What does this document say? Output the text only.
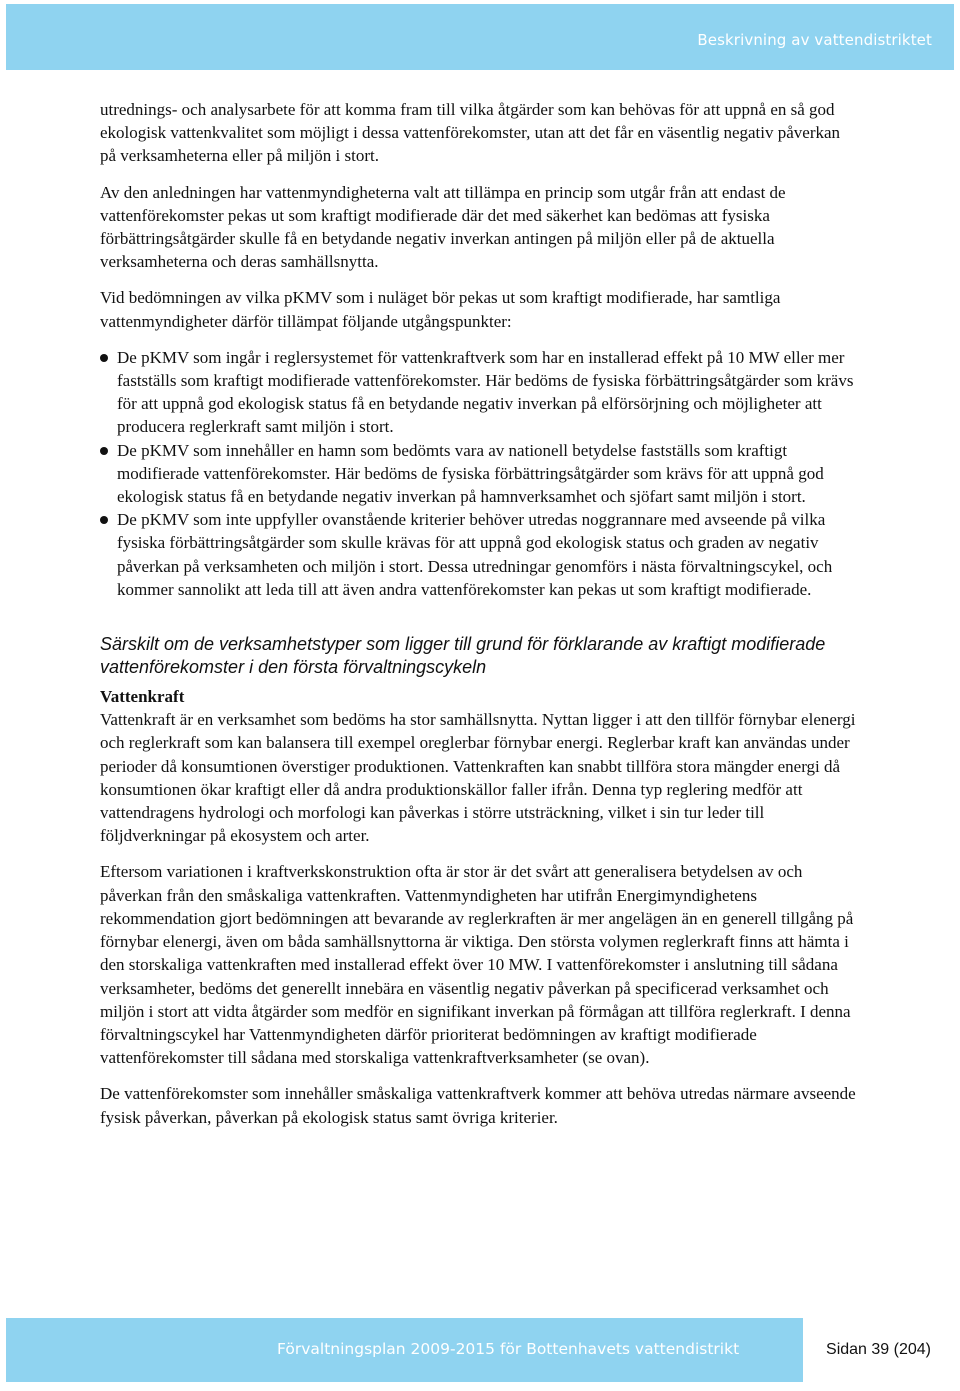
Beskrivning av vattendistriktet

utrednings- och analysarbete för att komma fram till vilka åtgärder som kan behövas för att uppnå en så god ekologisk vattenkvalitet som möjligt i dessa vattenförekomster, utan att det får en väsentlig negativ påverkan på verksamheterna eller på miljön i stort.

Av den anledningen har vattenmyndigheterna valt att tillämpa en princip som utgår från att endast de vattenförekomster pekas ut som kraftigt modifierade där det med säkerhet kan bedömas att fysiska förbättringsåtgärder skulle få en betydande negativ inverkan antingen på miljön eller på de aktuella verksamheterna och deras samhällsnytta.

Vid bedömningen av vilka pKMV som i nuläget bör pekas ut som kraftigt modifierade, har samtliga vattenmyndigheter därför tillämpat följande utgångspunkter:

De pKMV som ingår i reglersystemet för vattenkraftverk som har en installerad effekt på 10 MW eller mer fastställs som kraftigt modifierade vattenförekomster. Här bedöms de fysiska förbättringsåtgärder som krävs för att uppnå god ekologisk status få en betydande negativ inverkan på elförsörjning och möjligheter att producera reglerkraft samt miljön i stort.
De pKMV som innehåller en hamn som bedömts vara av nationell betydelse fastställs som kraftigt modifierade vattenförekomster. Här bedöms de fysiska förbättringsåtgärder som krävs för att uppnå god ekologisk status få en betydande negativ inverkan på hamnverksamhet och sjöfart samt miljön i stort.
De pKMV som inte uppfyller ovanstående kriterier behöver utredas noggrannare med avseende på vilka fysiska förbättringsåtgärder som skulle krävas för att uppnå god ekologisk status och graden av negativ påverkan på verksamheten och miljön i stort. Dessa utredningar genomförs i nästa förvaltningscykel, och kommer sannolikt att leda till att även andra vattenförekomster kan pekas ut som kraftigt modifierade.

Särskilt om de verksamhetstyper som ligger till grund för förklarande av kraftigt modifierade vattenförekomster i den första förvaltningscykeln

Vattenkraft

Vattenkraft är en verksamhet som bedöms ha stor samhällsnytta. Nyttan ligger i att den tillför förnybar elenergi och reglerkraft som kan balansera till exempel oreglerbar förnybar energi. Reglerbar kraft kan användas under perioder då konsumtionen överstiger produktionen. Vattenkraften kan snabbt tillföra stora mängder energi då konsumtionen ökar kraftigt eller då andra produktionskällor faller ifrån. Denna typ reglering medför att vattendragens hydrologi och morfologi kan påverkas i större utsträckning, vilket i sin tur leder till följdverkningar på ekosystem och arter.

Eftersom variationen i kraftverkskonstruktion ofta är stor är det svårt att generalisera betydelsen av och påverkan från den småskaliga vattenkraften. Vattenmyndigheten har utifrån Energimyndighetens rekommendation gjort bedömningen att bevarande av reglerkraften är mer angelägen än en generell tillgång på förnybar elenergi, även om båda samhällsnyttorna är viktiga. Den största volymen reglerkraft finns att hämta i den storskaliga vattenkraften med installerad effekt över 10 MW. I vattenförekomster i anslutning till sådana verksamheter, bedöms det generellt innebära en väsentlig negativ påverkan på specificerad verksamhet och miljön i stort att vidta åtgärder som medför en signifikant inverkan på förmågan att tillföra reglerkraft. I denna förvaltningscykel har Vattenmyndigheten därför prioriterat bedömningen av kraftigt modifierade vattenförekomster till sådana med storskaliga vattenkraftverksamheter (se ovan).

De vattenförekomster som innehåller småskaliga vattenkraftverk kommer att behöva utredas närmare avseende fysisk påverkan, påverkan på ekologisk status samt övriga kriterier.

Förvaltningsplan 2009-2015 för Bottenhavets vattendistrikt	Sidan 39 (204)
